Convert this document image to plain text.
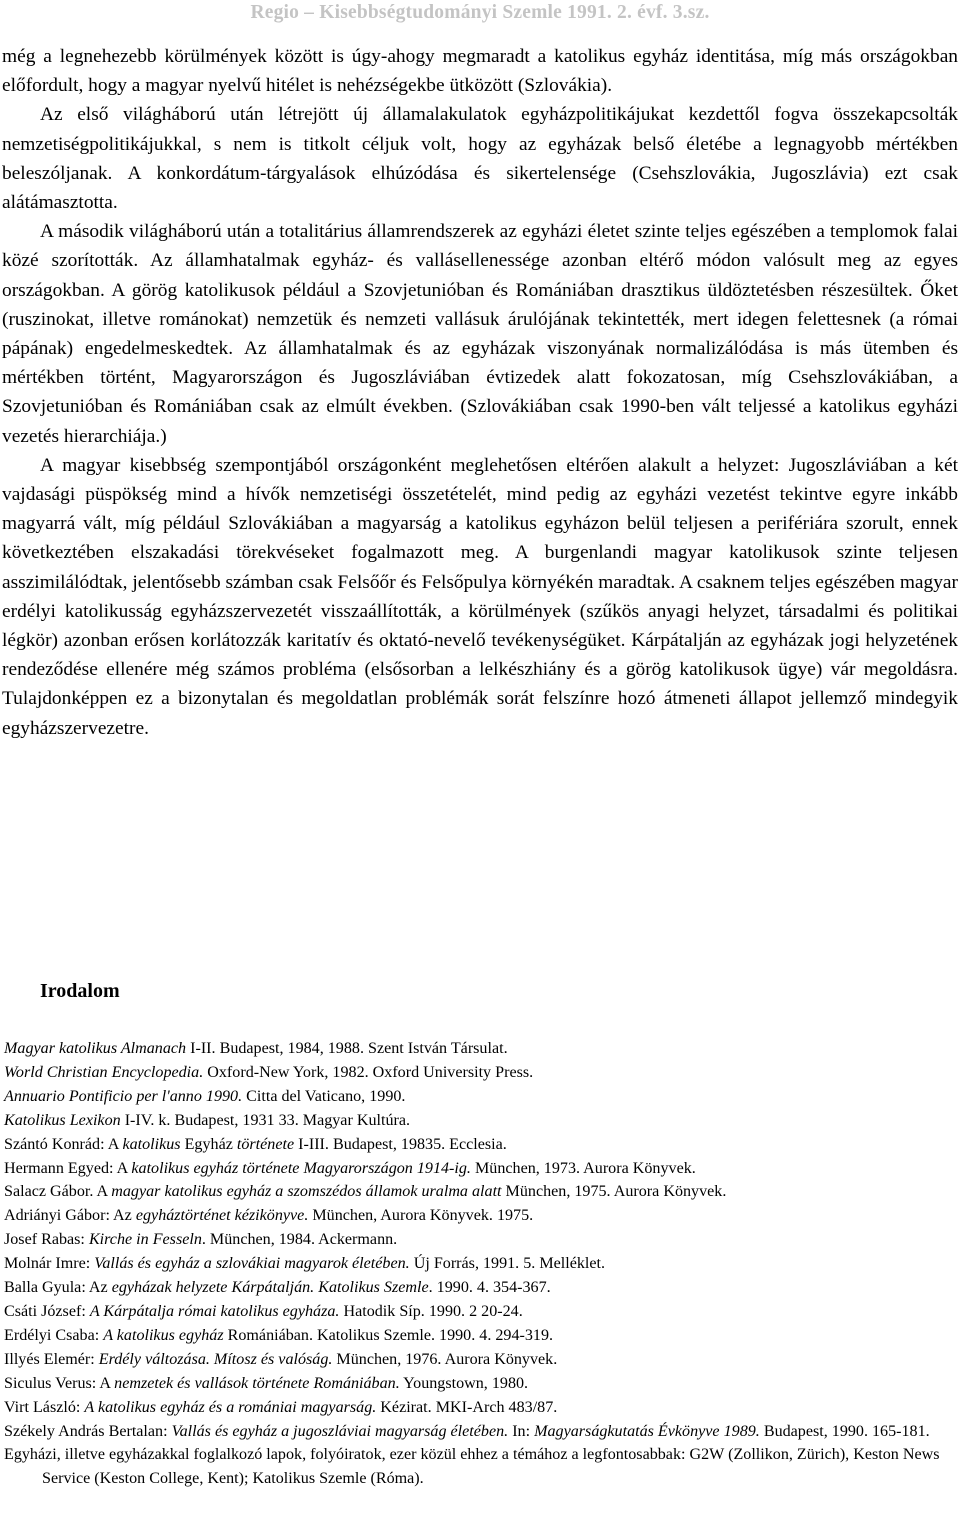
Regio – Kisebbségtudományi Szemle 1991. 2. évf. 3.sz.

még a legnehezebb körülmények között is úgy-ahogy megmaradt a katolikus egyház identitása, míg más országokban előfordult, hogy a magyar nyelvű hitélet is nehézségekbe ütközött (Szlovákia).

Az első világháború után létrejött új államalakulatok egyházpolitikájukat kezdettől fogva összekapcsolták nemzetiségpolitikájukkal, s nem is titkolt céljuk volt, hogy az egyházak belső életébe a legnagyobb mértékben beleszóljanak. A konkordátum-tárgyalások elhúzódása és sikertelensége (Csehszlovákia, Jugoszlávia) ezt csak alátámasztotta.

A második világháború után a totalitárius államrendszerek az egyházi életet szinte teljes egészében a templomok falai közé szorították. Az államhatalmak egyház- és vallásellenessége azonban eltérő módon valósult meg az egyes országokban. A görög katolikusok például a Szovjetunióban és Romániában drasztikus üldöztetésben részesültek. Őket (ruszinokat, illetve románokat) nemzetük és nemzeti vallásuk árulójának tekintették, mert idegen felettesnek (a római pápának) engedelmeskedtek. Az államhatalmak és az egyházak viszonyának normalizálódása is más ütemben és mértékben történt, Magyarországon és Jugoszláviában évtizedek alatt fokozatosan, míg Csehszlovákiában, a Szovjetunióban és Romániában csak az elmúlt években. (Szlovákiában csak 1990-ben vált teljessé a katolikus egyházi vezetés hierarchiája.)

A magyar kisebbség szempontjából országonként meglehetősen eltérően alakult a helyzet: Jugoszláviában a két vajdasági püspökség mind a hívők nemzetiségi összetételét, mind pedig az egyházi vezetést tekintve egyre inkább magyarrá vált, míg például Szlovákiában a magyarság a katolikus egyházon belül teljesen a perifériára szorult, ennek következtében elszakadási törekvéseket fogalmazott meg. A burgenlandi magyar katolikusok szinte teljesen asszimilálódtak, jelentősebb számban csak Felsőőr és Felsőpulya környékén maradtak. A csaknem teljes egészében magyar erdélyi katolikusság egyházszervezetét visszaállították, a körülmények (szűkös anyagi helyzet, társadalmi és politikai légkör) azonban erősen korlátozzák karitatív és oktató-nevelő tevékenységüket. Kárpátalján az egyházak jogi helyzetének rendeződése ellenére még számos probléma (elsősorban a lelkészhiány és a görög katolikusok ügye) vár megoldásra. Tulajdonképpen ez a bizonytalan és megoldatlan problémák sorát felszínre hozó átmeneti állapot jellemző mindegyik egyházszervezetre.

Irodalom
Magyar katolikus Almanach I-II. Budapest, 1984, 1988. Szent István Társulat.
World Christian Encyclopedia. Oxford-New York, 1982. Oxford University Press.
Annuario Pontificio per l'anno 1990. Citta del Vaticano, 1990.
Katolikus Lexikon I-IV. k. Budapest, 1931 33. Magyar Kultúra.
Szántó Konrád: A katolikus Egyház története I-III. Budapest, 19835. Ecclesia.
Hermann Egyed: A katolikus egyház története Magyarországon 1914-ig. München, 1973. Aurora Könyvek.
Salacz Gábor. A magyar katolikus egyház a szomszédos államok uralma alatt München, 1975. Aurora Könyvek.
Adriányi Gábor: Az egyháztörténet kézikönyve. München, Aurora Könyvek. 1975.
Josef Rabas: Kirche in Fesseln. München, 1984. Ackermann.
Molnár Imre: Vallás és egyház a szlovákiai magyarok életében. Új Forrás, 1991. 5. Melléklet.
Balla Gyula: Az egyházak helyzete Kárpátalján. Katolikus Szemle. 1990. 4. 354-367.
Csáti József: A Kárpátalja római katolikus egyháza. Hatodik Síp. 1990. 2 20-24.
Erdélyi Csaba: A katolikus egyház Romániában. Katolikus Szemle. 1990. 4. 294-319.
Illyés Elemér: Erdély változása. Mítosz és valóság. München, 1976. Aurora Könyvek.
Siculus Verus: A nemzetek és vallások története Romániában. Youngstown, 1980.
Virt László: A katolikus egyház és a romániai magyarság. Kézirat. MKI-Arch 483/87.
Székely András Bertalan: Vallás és egyház a jugoszláviai magyarság életében. In: Magyarságkutatás Évkönyve 1989. Budapest, 1990. 165-181.
Egyházi, illetve egyházakkal foglalkozó lapok, folyóiratok, ezer közül ehhez a témához a legfontosabbak: G2W (Zollikon, Zürich), Keston News Service (Keston College, Kent); Katolikus Szemle (Róma).
